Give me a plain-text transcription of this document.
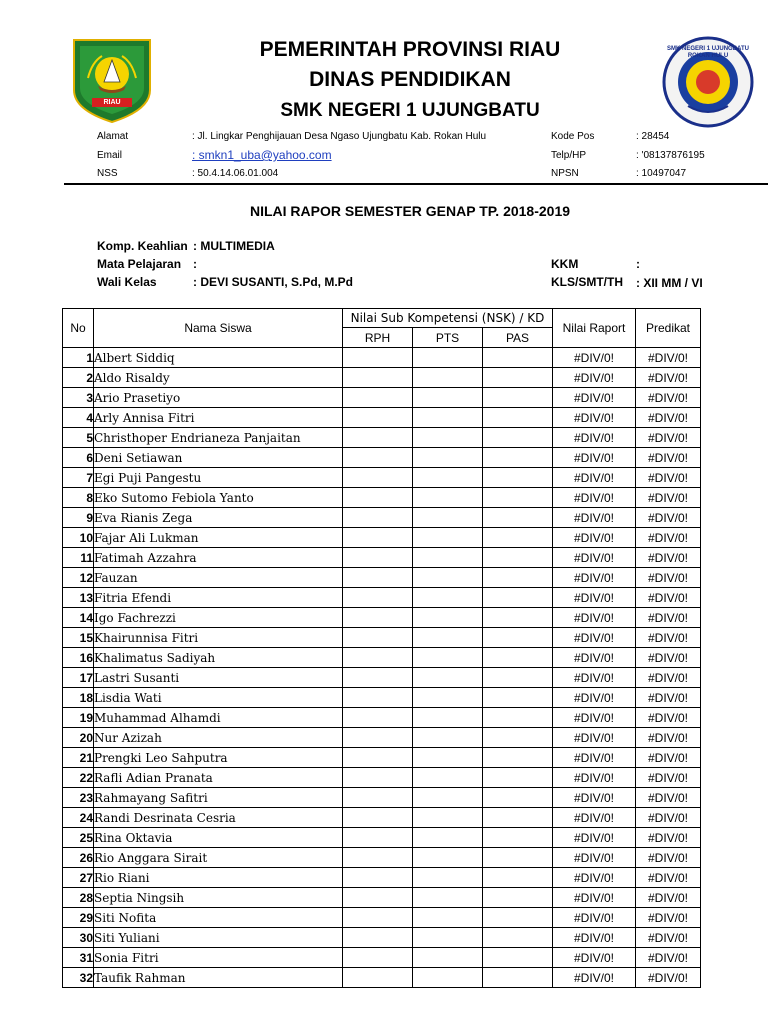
RIAU
SMK NEGERI 1 UJUNGBATU ROKAN HULU
PEMERINTAH PROVINSI RIAU
DINAS PENDIDIKAN
SMK NEGERI 1 UJUNGBATU
Alamat	: Jl. Lingkar Penghijauan Desa Ngaso Ujungbatu Kab. Rokan Hulu
Email	: smkn1_uba@yahoo.com
NSS	: 50.4.14.06.01.004
Kode Pos	: 28454
Telp/HP	: '08137876195
NPSN	: 10497047
NILAI RAPOR SEMESTER GENAP TP. 2018-2019
Komp. Keahlian : MULTIMEDIA
Mata Pelajaran :
Wali Kelas	: DEVI SUSANTI, S.Pd, M.Pd
KKM	:
KLS/SMT/TH : XII MM / VI
No	Nama Siswa	Nilai Sub Kompetensi (NSK) / KD			Nilai Raport	Predikat
		RPH	PTS	PAS		
1	Albert Siddiq				#DIV/0!	#DIV/0!
2	Aldo Risaldy				#DIV/0!	#DIV/0!
3	Ario Prasetiyo				#DIV/0!	#DIV/0!
4	Arly Annisa Fitri				#DIV/0!	#DIV/0!
5	Christhoper Endrianeza Panjaitan				#DIV/0!	#DIV/0!
6	Deni Setiawan				#DIV/0!	#DIV/0!
7	Egi Puji Pangestu				#DIV/0!	#DIV/0!
8	Eko Sutomo Febiola Yanto				#DIV/0!	#DIV/0!
9	Eva Rianis Zega				#DIV/0!	#DIV/0!
10	Fajar Ali Lukman				#DIV/0!	#DIV/0!
11	Fatimah Azzahra				#DIV/0!	#DIV/0!
12	Fauzan				#DIV/0!	#DIV/0!
13	Fitria Efendi				#DIV/0!	#DIV/0!
14	Igo Fachrezzi				#DIV/0!	#DIV/0!
15	Khairunnisa Fitri				#DIV/0!	#DIV/0!
16	Khalimatus Sadiyah				#DIV/0!	#DIV/0!
17	Lastri Susanti				#DIV/0!	#DIV/0!
18	Lisdia Wati				#DIV/0!	#DIV/0!
19	Muhammad Alhamdi				#DIV/0!	#DIV/0!
20	Nur Azizah				#DIV/0!	#DIV/0!
21	Prengki Leo Sahputra				#DIV/0!	#DIV/0!
22	Rafli Adian Pranata				#DIV/0!	#DIV/0!
23	Rahmayang Safitri				#DIV/0!	#DIV/0!
24	Randi Desrinata Cesria				#DIV/0!	#DIV/0!
25	Rina Oktavia				#DIV/0!	#DIV/0!
26	Rio Anggara Sirait				#DIV/0!	#DIV/0!
27	Rio Riani				#DIV/0!	#DIV/0!
28	Septia Ningsih				#DIV/0!	#DIV/0!
29	Siti Nofita				#DIV/0!	#DIV/0!
30	Siti Yuliani				#DIV/0!	#DIV/0!
31	Sonia Fitri				#DIV/0!	#DIV/0!
32	Taufik Rahman				#DIV/0!	#DIV/0!
